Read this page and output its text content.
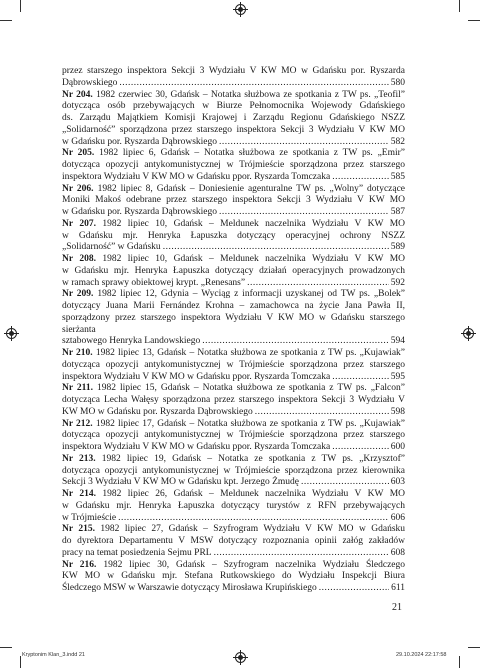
przez starszego inspektora Sekcji 3 Wydziału V KW MO w Gdańsku por. Ryszarda
Dąbrowskiego .....	580
Nr 204. 1982 czerwiec 30, Gdańsk – Notatka służbowa ze spotkania z TW ps. „Teofil”
dotycząca osób przebywających w Biurze Pełnomocnika Wojewody Gdańskiego
ds. Zarządu Majątkiem Komisji Krajowej i Zarządu Regionu Gdańskiego NSZZ
„Solidarność” sporządzona przez starszego inspektora Sekcji 3 Wydziału V KW MO
w Gdańsku por. Ryszarda Dąbrowskiego .....	582
Nr 205. 1982 lipiec 6, Gdańsk – Notatka służbowa ze spotkania z TW ps. „Emir”
dotycząca opozycji antykomunistycznej w Trójmieście sporządzona przez starszego
inspektora Wydziału V KW MO w Gdańsku ppor. Ryszarda Tomczaka .....	585
Nr 206. 1982 lipiec 8, Gdańsk – Doniesienie agenturalne TW ps. „Wolny” dotyczące
Moniki Makoś odebrane przez starszego inspektora Sekcji 3 Wydziału V KW MO
w Gdańsku por. Ryszarda Dąbrowskiego .....	587
Nr 207. 1982 lipiec 10, Gdańsk – Meldunek naczelnika Wydziału V KW MO
w Gdańsku mjr. Henryka Łapuszka dotyczący operacyjnej ochrony NSZZ
„Solidarność” w Gdańsku .....	589
Nr 208. 1982 lipiec 10, Gdańsk – Meldunek naczelnika Wydziału V KW MO
w Gdańsku mjr. Henryka Łapuszka dotyczący działań operacyjnych prowadzonych
w ramach sprawy obiektowej krypt. „Renesans” .....	592
Nr 209. 1982 lipiec 12, Gdynia – Wyciąg z informacji uzyskanej od TW ps. „Bolek”
dotyczący Juana Marii Fernández Krohna – zamachowca na życie Jana Pawła II,
sporządzony przez starszego inspektora Wydziału V KW MO w Gdańsku starszego sierżanta
sztabowego Henryka Landowskiego .....	594
Nr 210. 1982 lipiec 13, Gdańsk – Notatka służbowa ze spotkania z TW ps. „Kujawiak”
dotycząca opozycji antykomunistycznej w Trójmieście sporządzona przez starszego
inspektora Wydziału V KW MO w Gdańsku ppor. Ryszarda Tomczaka .....	595
Nr 211. 1982 lipiec 15, Gdańsk – Notatka służbowa ze spotkania z TW ps. „Falcon”
dotycząca Lecha Wałęsy sporządzona przez starszego inspektora Sekcji 3 Wydziału V
KW MO w Gdańsku por. Ryszarda Dąbrowskiego .....	598
Nr 212. 1982 lipiec 17, Gdańsk – Notatka służbowa ze spotkania z TW ps. „Kujawiak”
dotycząca opozycji antykomunistycznej w Trójmieście sporządzona przez starszego
inspektora Wydziału V KW MO w Gdańsku ppor. Ryszarda Tomczaka .....	600
Nr 213. 1982 lipiec 19, Gdańsk – Notatka ze spotkania z TW ps. „Krzysztof”
dotycząca opozycji antykomunistycznej w Trójmieście sporządzona przez kierownika
Sekcji 3 Wydziału V KW MO w Gdańsku kpt. Jerzego Żmudę .....	603
Nr 214. 1982 lipiec 26, Gdańsk – Meldunek naczelnika Wydziału V KW MO
w Gdańsku mjr. Henryka Łapuszka dotyczący turystów z RFN przebywających
w Trójmieście .....	606
Nr 215. 1982 lipiec 27, Gdańsk – Szyfrogram Wydziału V KW MO w Gdańsku
do dyrektora Departamentu V MSW dotyczący rozpoznania opinii załóg zakładów
pracy na temat posiedzenia Sejmu PRL .....	608
Nr 216. 1982 lipiec 30, Gdańsk – Szyfrogram naczelnika Wydziału Śledczego
KW MO w Gdańsku mjr. Stefana Rutkowskiego do Wydziału Inspekcji Biura
Śledczego MSW w Warszawie dotyczący Mirosława Krupińskiego .....	611
21
Kryptonim Klan_3.indd 21	29.10.2024 22:17:58
